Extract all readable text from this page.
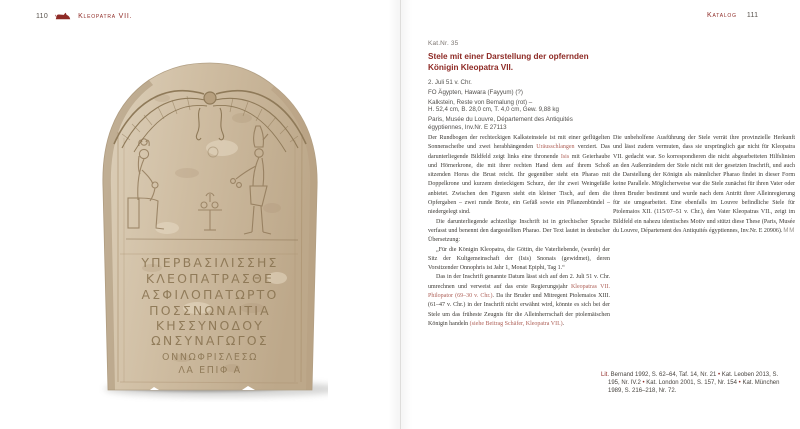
110	Kleopatra VII.
ΥΠΕΡΒΑΣΙΛΙΣΣΗΣ
ΚΛΕΟΠΑΤΡΑΣΘΕ
ΑΣΦΙΛΟΠΑΤΩΡΤΟ
ΠΟΣΣΝΩΝΑΙΤΙΑ
ΚΗΣΣΥΝΟΔΟΥ
ΩΝΣΥΝΑΓΩΓΟΣ
ΟΝΝΩΦΡΙΣΛΕΣΩ
ΛΑ ΕΠΙΦ Α
Katalog 111
Kat.Nr. 35
Stele mit einer Darstellung der opfernden Königin Kleopatra VII.
2. Juli 51 v. Chr.
FO Ägypten, Hawara (Fayyum) (?)
Kalkstein, Reste von Bemalung (rot) –
H. 52,4 cm, B. 28,0 cm, T. 4,0 cm, Gew. 9,88 kg
Paris, Musée du Louvre, Département des Antiquités
égyptiennes, Inv.Nr. E 27113

Der Rundbogen der rechteckigen Kalksteinstele ist mit einer geflügelten Sonnenscheibe und zwei herabhängenden Uräusschlangen verziert. Das darunterliegende Bildfeld zeigt links eine thronende Isis mit Geierhaube und Hörnerkrone, die mit ihrer rechten Hand dem auf ihrem Schoß sitzenden Horus die Brust reicht. Ihr gegenüber steht ein Pharao mit Doppelkrone und kurzem dreieckigem Schurz, der ihr zwei Weingefäße anbietet. Zwischen den Figuren steht ein kleiner Tisch, auf dem die Opfergaben – zwei runde Brote, ein Gefäß sowie ein Pflanzenbündel – niedergelegt sind.

Die darunterliegende achtzeilige Inschrift ist in griechischer Sprache verfasst und benennt den dargestellten Pharao. Der Text lautet in deutscher Übersetzung:

„Für die Königin Kleopatra, die Göttin, die Vaterliebende, (wurde) der Sitz der Kultgemeinschaft der (Isis) Snonais (gewidmet), deren Vorsitzender Onnophris ist Jahr 1, Monat Epiphi, Tag 1.“

Das in der Inschrift genannte Datum lässt sich auf den 2. Juli 51 v. Chr. umrechnen und verweist auf das erste Regierungsjahr Kleopatras VII. Philopator (69–30 v. Chr.). Da ihr Bruder und Mitregent Ptolemaios XIII. (61–47 v. Chr.) in der Inschrift nicht erwähnt wird, könnte es sich bei der Stele um das früheste Zeugnis für die Alleinherrschaft der ptolemäischen Königin handeln (siehe Beitrag Schäfer, Kleopatra VII.).

Die unbeholfene Ausführung der Stele verrät ihre provinzielle Herkunft und lässt zudem vermuten, dass sie ursprünglich gar nicht für Kleopatra VII. gedacht war. So korrespondieren die nicht abgearbeiteten Hilfslinien an den Außenrändern der Stele nicht mit der gesetzten Inschrift, und auch die Darstellung der Königin als männlicher Pharao findet in dieser Form keine Parallele. Möglicherweise war die Stele zunächst für ihren Vater oder ihren Bruder bestimmt und wurde nach dem Antritt ihrer Alleinregierung für sie umgearbeitet. Eine ebenfalls im Louvre befindliche Stele für Ptolemaios XII. (115/07–51 v. Chr.), den Vater Kleopatras VII., zeigt im Bildfeld ein nahezu identisches Motiv und stützt diese These (Paris, Musée du Louvre, Département des Antiquités égyptiennes, Inv.Nr. E 20906). MM

Lit. Bernand 1992, S. 62–64, Taf. 14, Nr. 21 • Kat. Leoben 2013, S. 195, Nr. IV.2 • Kat. London 2001, S. 157, Nr. 154 • Kat. München 1989, S. 216–218, Nr. 72.
